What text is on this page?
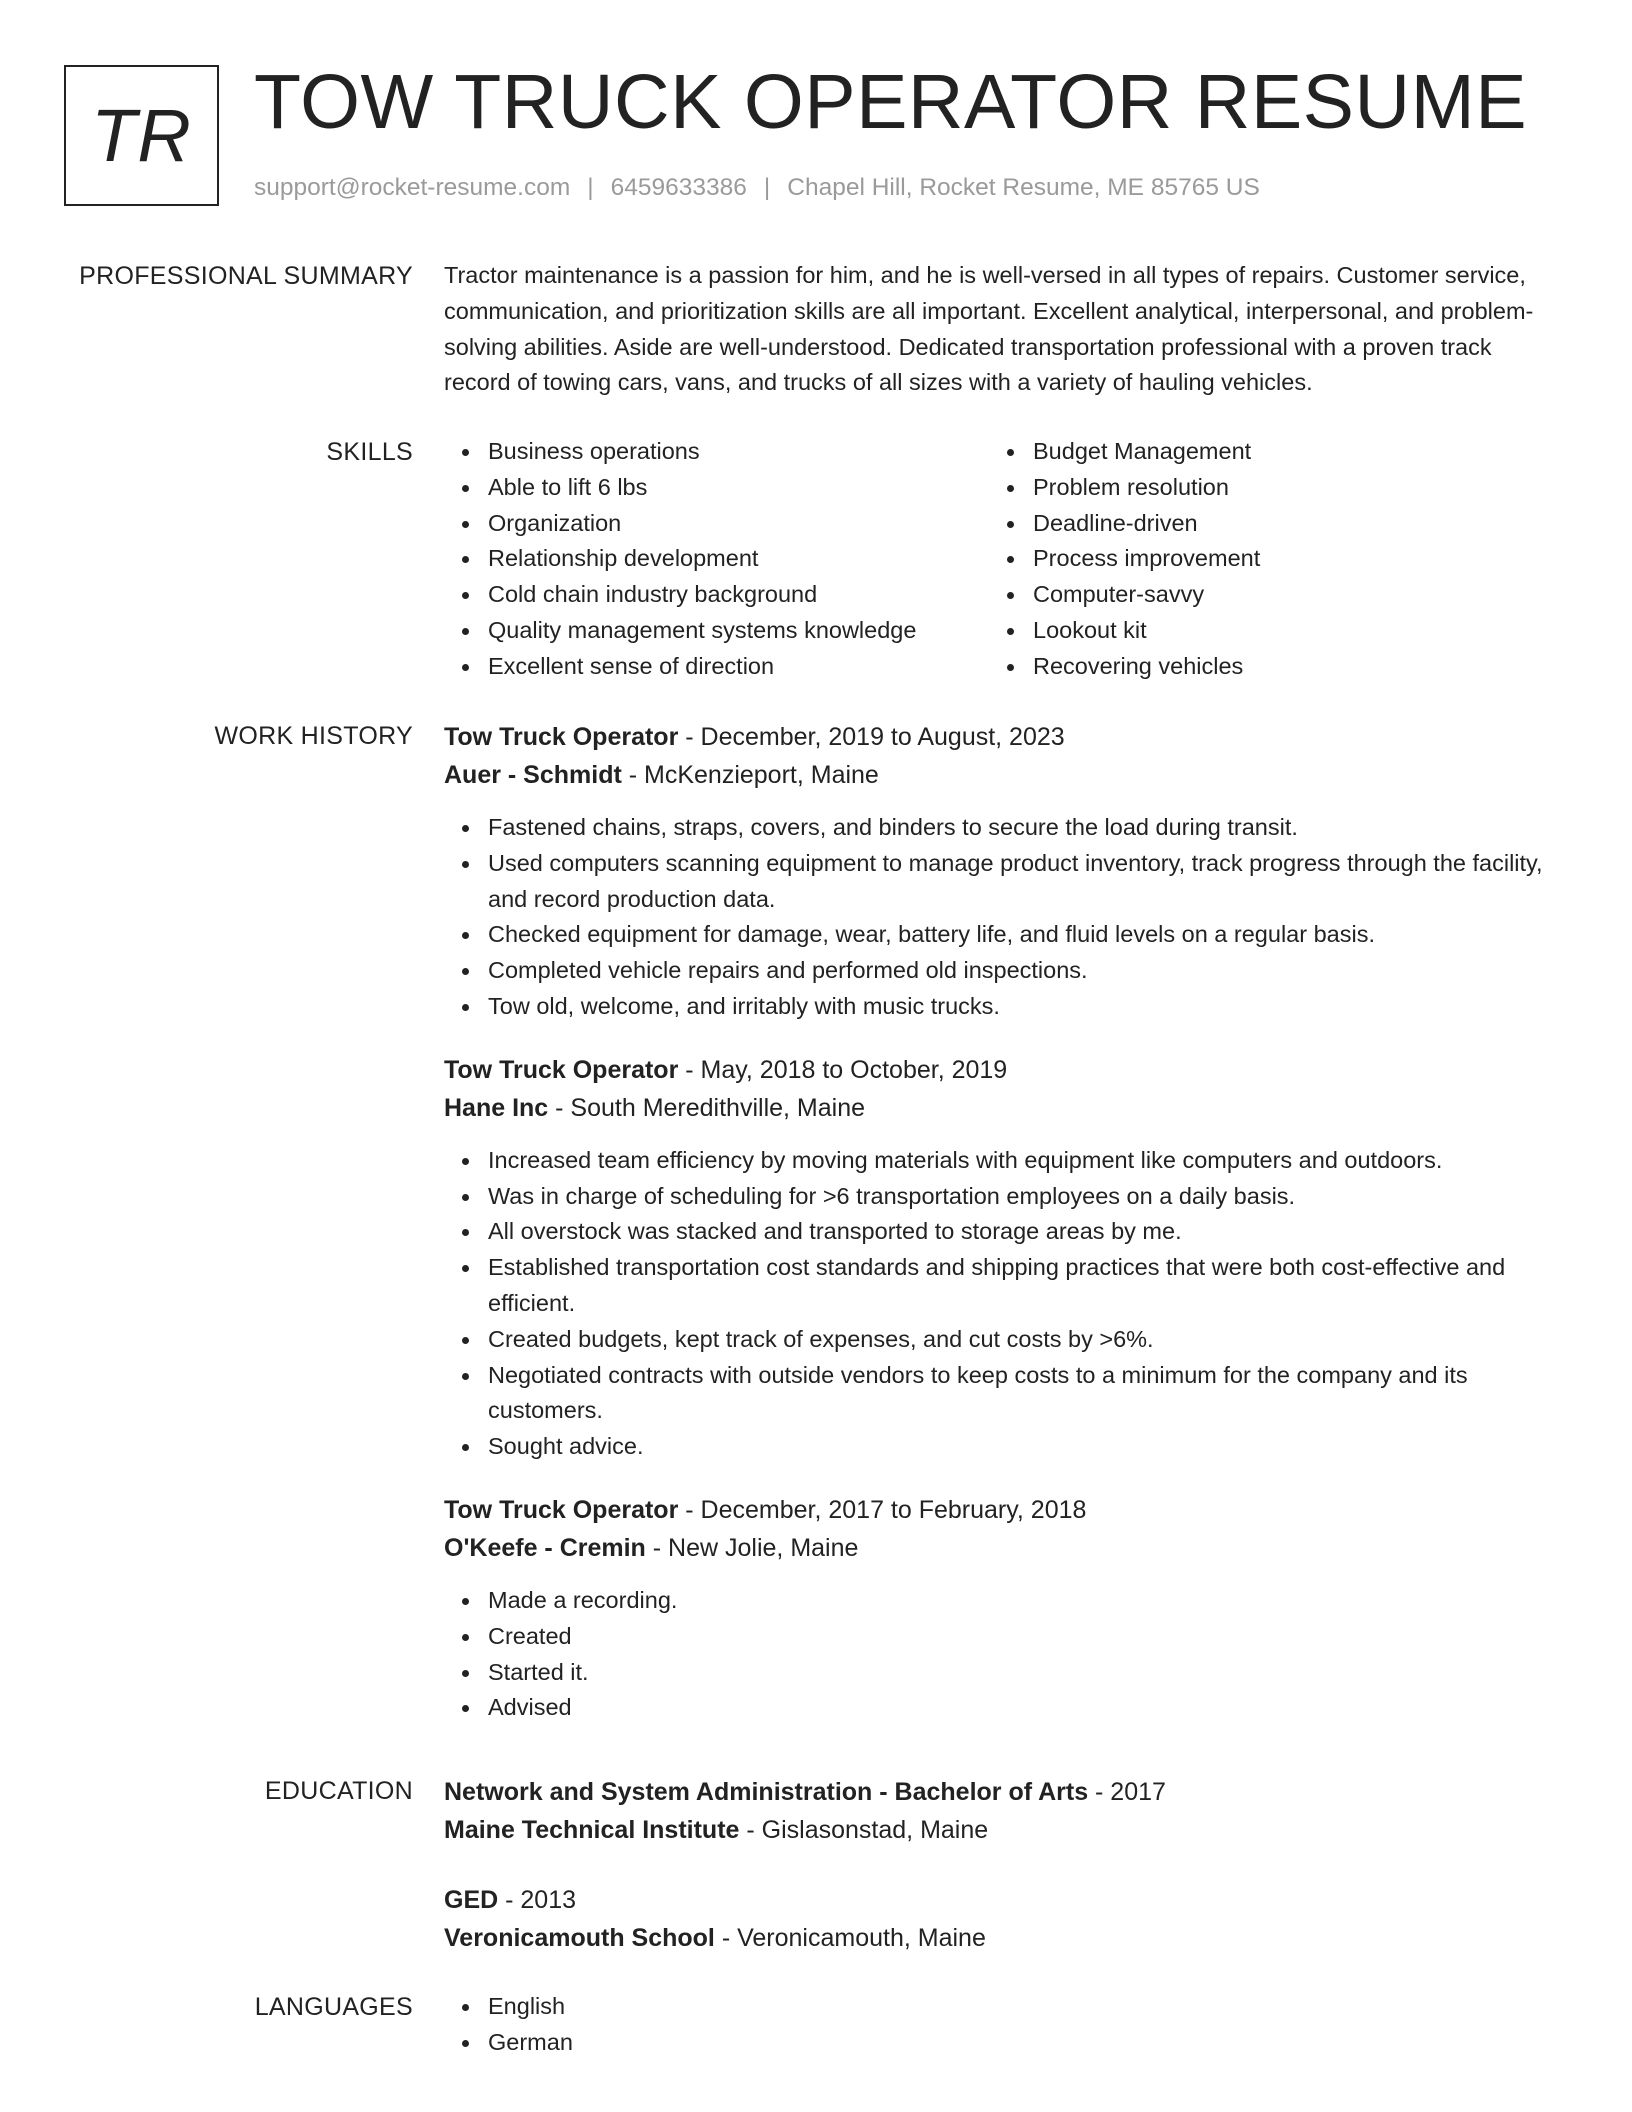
TR TOW TRUCK OPERATOR RESUME
support@rocket-resume.com | 6459633386 | Chapel Hill, Rocket Resume, ME 85765 US
PROFESSIONAL SUMMARY Tractor maintenance is a passion for him, and he is well-versed in all types of repairs. Customer service, communication, and prioritization skills are all important. Excellent analytical, interpersonal, and problem-solving abilities. Aside are well-understood. Dedicated transportation professional with a proven track record of towing cars, vans, and trucks of all sizes with a variety of hauling vehicles.

SKILLS	Business operations
Able to lift 6 lbs
Organization
Relationship development
Cold chain industry background
Quality management systems knowledge
Excellent sense of direction
Budget Management
Problem resolution
Deadline-driven
Process improvement
Computer-savvy
Lookout kit
Recovering vehicles
WORK HISTORY Tow Truck Operator - December, 2019 to August, 2023
Auer - Schmidt - McKenzieport, Maine
Fastened chains, straps, covers, and binders to secure the load during transit.
Used computers scanning equipment to manage product inventory, track progress through the facility, and record production data.
Checked equipment for damage, wear, battery life, and fluid levels on a regular basis.
Completed vehicle repairs and performed old inspections.
Tow old, welcome, and irritably with music trucks.
Tow Truck Operator - May, 2018 to October, 2019
Hane Inc - South Meredithville, Maine
Increased team efficiency by moving materials with equipment like computers and outdoors.
Was in charge of scheduling for >6 transportation employees on a daily basis.
All overstock was stacked and transported to storage areas by me.
Established transportation cost standards and shipping practices that were both cost-effective and efficient.
Created budgets, kept track of expenses, and cut costs by >6%.
Negotiated contracts with outside vendors to keep costs to a minimum for the company and its customers.
Sought advice.
Tow Truck Operator - December, 2017 to February, 2018
O'Keefe - Cremin - New Jolie, Maine
Made a recording.
Created
Started it.
Advised
EDUCATION Network and System Administration - Bachelor of Arts - 2017
Maine Technical Institute - Gislasonstad, Maine
GED - 2013
Veronicamouth School - Veronicamouth, Maine
LANGUAGES	English
German
